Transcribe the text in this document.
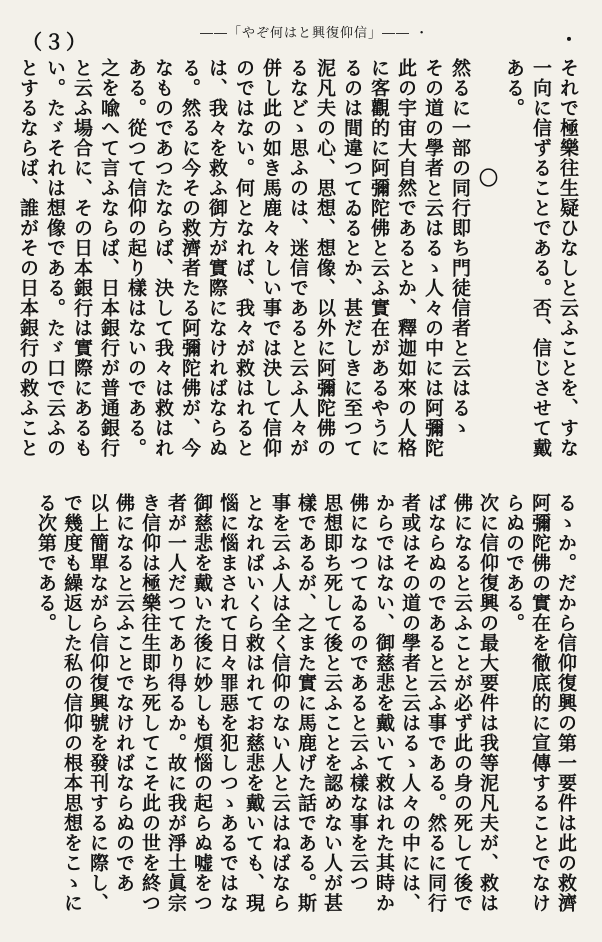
（３）	――「やぞ何はと興復仰信」―― ・	・
それで極樂往生疑ひなしと云ふことを、すな
一向に信ずることである。否、信じさせて戴
ある。
〇
然るに一部の同行即ち門徒信者と云はるゝ
その道の學者と云はるゝ人々の中には阿彌陀
此の宇宙大自然であるとか、釋迦如來の人格
に客觀的に阿彌陀佛と云ふ實在があるやうに
るのは間違つてゐるとか、甚だしきに至つて
泥凡夫の心、思想、想像、以外に阿彌陀佛の
るなどゝ思ふのは、迷信であると云ふ人々が
併し此の如き馬鹿々々しい事では決して信仰
のではない。何となれば、我々が救はれると
は、我々を救ふ御方が實際になければならぬ
る。然るに今その救濟者たる阿彌陀佛が、今
なものであつたならば、決して我々は救はれ
ある。從つて信仰の起り樣はないのである。
之を喩へて言ふならば、日本銀行が普通銀行
と云ふ場合に、その日本銀行は實際にあるも
い。たゞそれは想像である。たゞ口で云ふの
とするならば、誰がその日本銀行の救ふこと
るゝか。だから信仰復興の第一要件は此の救濟
阿彌陀佛の實在を徹底的に宣傳することでなけ
らぬのである。
次に信仰復興の最大要件は我等泥凡夫が、救は
佛になると云ふことが必ず此の身の死して後で
ばならぬのであると云ふ事である。然るに同行
者或はその道の學者と云はるゝ人々の中には、
からではない、御慈悲を戴いて救はれた其時か
佛になつてゐるのであると云ふ樣な事を云つ
思想即ち死して後と云ふことを認めない人が甚
樣であるが、之また實に馬鹿げた話である。斯
事を云ふ人は全く信仰のない人と云はねばなら
となればいくら救はれてお慈悲を戴いても、現
惱に惱まされて日々罪惡を犯しつゝあるではな
御慈悲を戴いた後に妙しも煩惱の起らぬ嘘をつ
者が一人だつてあり得るか。故に我が淨土眞宗
き信仰は極樂往生即ち死してこそ此の世を終つ
佛になると云ふことでなければならぬのであ
以上簡單ながら信仰復興號を發刊するに際し、
で幾度も繰返した私の信仰の根本思想をこゝに
る次第である。
